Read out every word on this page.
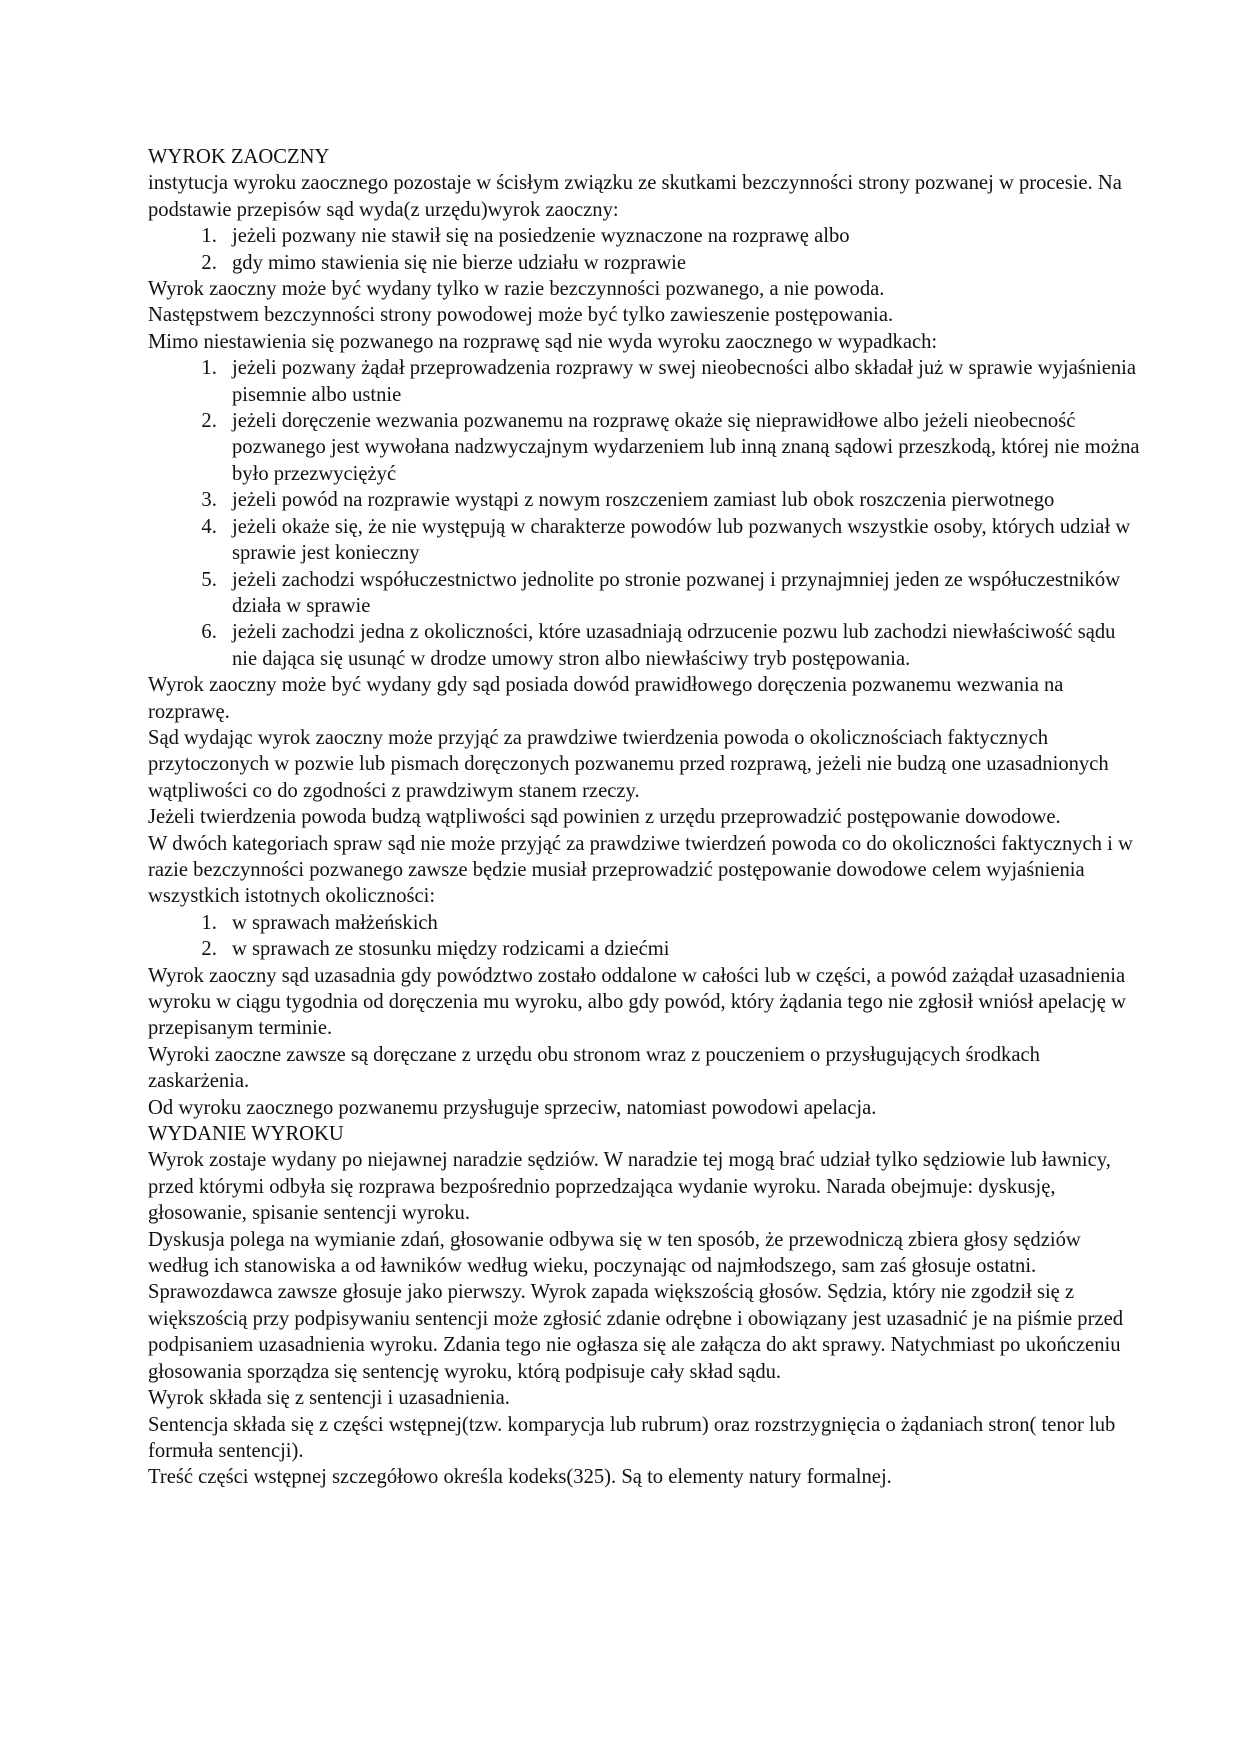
WYROK ZAOCZNY

instytucja wyroku zaocznego pozostaje w ścisłym związku ze skutkami bezczynności strony pozwanej w procesie. Na podstawie przepisów sąd wyda(z urzędu)wyrok zaoczny:

1. jeżeli pozwany nie stawił się na posiedzenie wyznaczone na rozprawę albo
2. gdy mimo stawienia się nie bierze udziału w rozprawie

Wyrok zaoczny może być wydany tylko w razie bezczynności pozwanego, a nie powoda.

Następstwem bezczynności strony powodowej może być tylko zawieszenie postępowania.

Mimo niestawienia się pozwanego na rozprawę sąd nie wyda wyroku zaocznego w wypadkach:

1. jeżeli pozwany żądał przeprowadzenia rozprawy w swej nieobecności albo składał już w sprawie wyjaśnienia pisemnie albo ustnie
2. jeżeli doręczenie wezwania pozwanemu na rozprawę okaże się nieprawidłowe albo jeżeli nieobecność pozwanego jest wywołana nadzwyczajnym wydarzeniem lub inną znaną sądowi przeszkodą, której nie można było przezwyciężyć
3. jeżeli powód na rozprawie wystąpi z nowym roszczeniem zamiast lub obok roszczenia pierwotnego
4. jeżeli okaże się, że nie występują w charakterze powodów lub pozwanych wszystkie osoby, których udział w sprawie jest konieczny
5. jeżeli zachodzi współuczestnictwo jednolite po stronie pozwanej i przynajmniej jeden ze współuczestników działa w sprawie
6. jeżeli zachodzi jedna z okoliczności, które uzasadniają odrzucenie pozwu lub zachodzi niewłaściwość sądu nie dająca się usunąć w drodze umowy stron albo niewłaściwy tryb postępowania.

Wyrok zaoczny może być wydany gdy sąd posiada dowód prawidłowego doręczenia pozwanemu wezwania na rozprawę.

Sąd wydając wyrok zaoczny może przyjąć za prawdziwe twierdzenia powoda o okolicznościach faktycznych przytoczonych w pozwie lub pismach doręczonych pozwanemu przed rozprawą, jeżeli nie budzą one uzasadnionych wątpliwości co do zgodności z prawdziwym stanem rzeczy.

Jeżeli twierdzenia powoda budzą wątpliwości sąd powinien z urzędu przeprowadzić postępowanie dowodowe.

W dwóch kategoriach spraw sąd nie może przyjąć za prawdziwe twierdzeń powoda co do okoliczności faktycznych i w razie bezczynności pozwanego zawsze będzie musiał przeprowadzić postępowanie dowodowe celem wyjaśnienia wszystkich istotnych okoliczności:

1. w sprawach małżeńskich
2. w sprawach ze stosunku między rodzicami a dziećmi

Wyrok zaoczny sąd uzasadnia gdy powództwo zostało oddalone w całości lub w części, a powód zażądał uzasadnienia wyroku w ciągu tygodnia od doręczenia mu wyroku, albo gdy powód, który żądania tego nie zgłosił wniósł apelację w przepisanym terminie.

Wyroki zaoczne zawsze są doręczane z urzędu obu stronom wraz z pouczeniem o przysługujących środkach zaskarżenia.

Od wyroku zaocznego pozwanemu przysługuje sprzeciw, natomiast powodowi apelacja.

WYDANIE WYROKU

Wyrok zostaje wydany po niejawnej naradzie sędziów. W naradzie tej mogą brać udział tylko sędziowie lub ławnicy, przed którymi odbyła się rozprawa bezpośrednio poprzedzająca wydanie wyroku. Narada obejmuje: dyskusję, głosowanie, spisanie sentencji wyroku.

Dyskusja polega na wymianie zdań, głosowanie odbywa się w ten sposób, że przewodniczą zbiera głosy sędziów według ich stanowiska a od ławników według wieku, poczynając od najmłodszego, sam zaś głosuje ostatni. Sprawozdawca zawsze głosuje jako pierwszy. Wyrok zapada większością głosów. Sędzia, który nie zgodził się z większością przy podpisywaniu sentencji może zgłosić zdanie odrębne i obowiązany jest uzasadnić je na piśmie przed podpisaniem uzasadnienia wyroku. Zdania tego nie ogłasza się ale załącza do akt sprawy. Natychmiast po ukończeniu głosowania sporządza się sentencję wyroku, którą podpisuje cały skład sądu.

Wyrok składa się z sentencji i uzasadnienia.

Sentencja składa się z części wstępnej(tzw. komparycja lub rubrum) oraz rozstrzygnięcia o żądaniach stron( tenor lub formuła sentencji).

Treść części wstępnej szczegółowo określa kodeks(325). Są to elementy natury formalnej.
